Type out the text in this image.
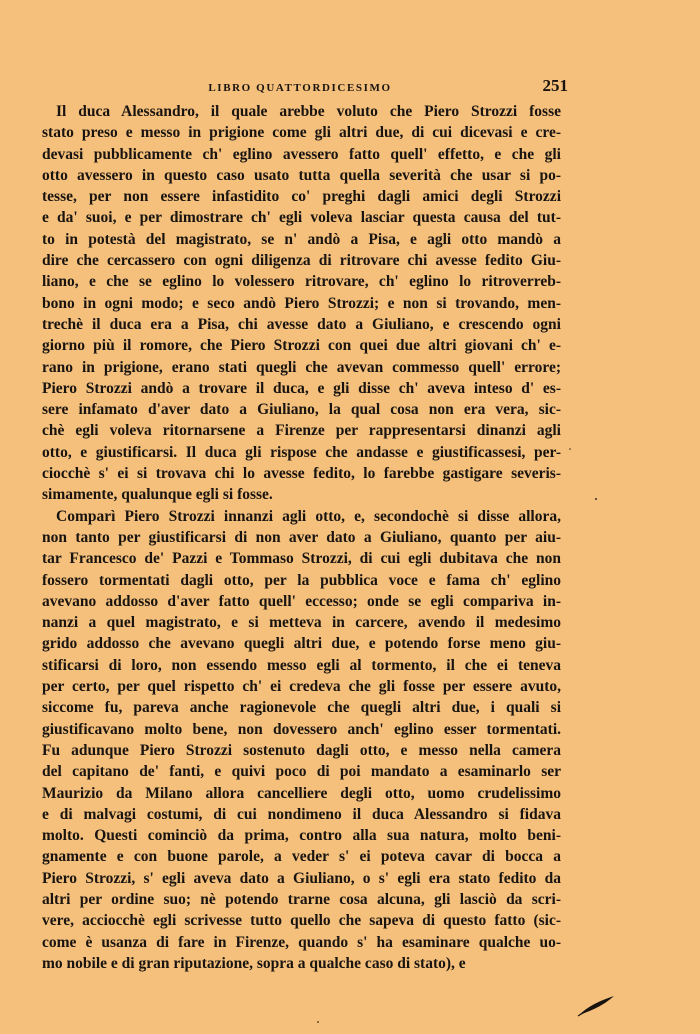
LIBRO QUATTORDICESIMO	251
Il duca Alessandro, il quale arebbe voluto che Piero Strozzi fosse
stato preso e messo in prigione come gli altri due, di cui dicevasi e cre-
devasi pubblicamente ch' eglino avessero fatto quell' effetto, e che gli
otto avessero in questo caso usato tutta quella severità che usar si po-
tesse, per non essere infastidito co' preghi dagli amici degli Strozzi
e da' suoi, e per dimostrare ch' egli voleva lasciar questa causa del tut-
to in potestà del magistrato, se n' andò a Pisa, e agli otto mandò a
dire che cercassero con ogni diligenza di ritrovare chi avesse fedito Giu-
liano, e che se eglino lo volessero ritrovare, ch' eglino lo ritroverreb-
bono in ogni modo; e seco andò Piero Strozzi; e non si trovando, men-
trechè il duca era a Pisa, chi avesse dato a Giuliano, e crescendo ogni
giorno più il romore, che Piero Strozzi con quei due altri giovani ch' e-
rano in prigione, erano stati quegli che avevan commesso quell' errore;
Piero Strozzi andò a trovare il duca, e gli disse ch' aveva inteso d' es-
sere infamato d'aver dato a Giuliano, la qual cosa non era vera, sic-
chè egli voleva ritornarsene a Firenze per rappresentarsi dinanzi agli
otto, e giustificarsi. Il duca gli rispose che andasse e giustificassesi, per-
ciocchè s' ei si trovava chi lo avesse fedito, lo farebbe gastigare severis-
simamente, qualunque egli si fosse.
Comparì Piero Strozzi innanzi agli otto, e, secondochè si disse allora,
non tanto per giustificarsi di non aver dato a Giuliano, quanto per aiu-
tar Francesco de' Pazzi e Tommaso Strozzi, di cui egli dubitava che non
fossero tormentati dagli otto, per la pubblica voce e fama ch' eglino
avevano addosso d'aver fatto quell' eccesso; onde se egli compariva in-
nanzi a quel magistrato, e si metteva in carcere, avendo il medesimo
grido addosso che avevano quegli altri due, e potendo forse meno giu-
stificarsi di loro, non essendo messo egli al tormento, il che ei teneva
per certo, per quel rispetto ch' ei credeva che gli fosse per essere avuto,
siccome fu, pareva anche ragionevole che quegli altri due, i quali si
giustificavano molto bene, non dovessero anch' eglino esser tormentati.
Fu adunque Piero Strozzi sostenuto dagli otto, e messo nella camera
del capitano de' fanti, e quivi poco di poi mandato a esaminarlo ser
Maurizio da Milano allora cancelliere degli otto, uomo crudelissimo
e di malvagi costumi, di cui nondimeno il duca Alessandro si fidava
molto. Questi cominciò da prima, contro alla sua natura, molto beni-
gnamente e con buone parole, a veder s' ei poteva cavar di bocca a
Piero Strozzi, s' egli aveva dato a Giuliano, o s' egli era stato fedito da
altri per ordine suo; nè potendo trarne cosa alcuna, gli lasciò da scri-
vere, acciocchè egli scrivesse tutto quello che sapeva di questo fatto (sic-
come è usanza di fare in Firenze, quando s' ha esaminare qualche uo-
mo nobile e di gran riputazione, sopra a qualche caso di stato), e
